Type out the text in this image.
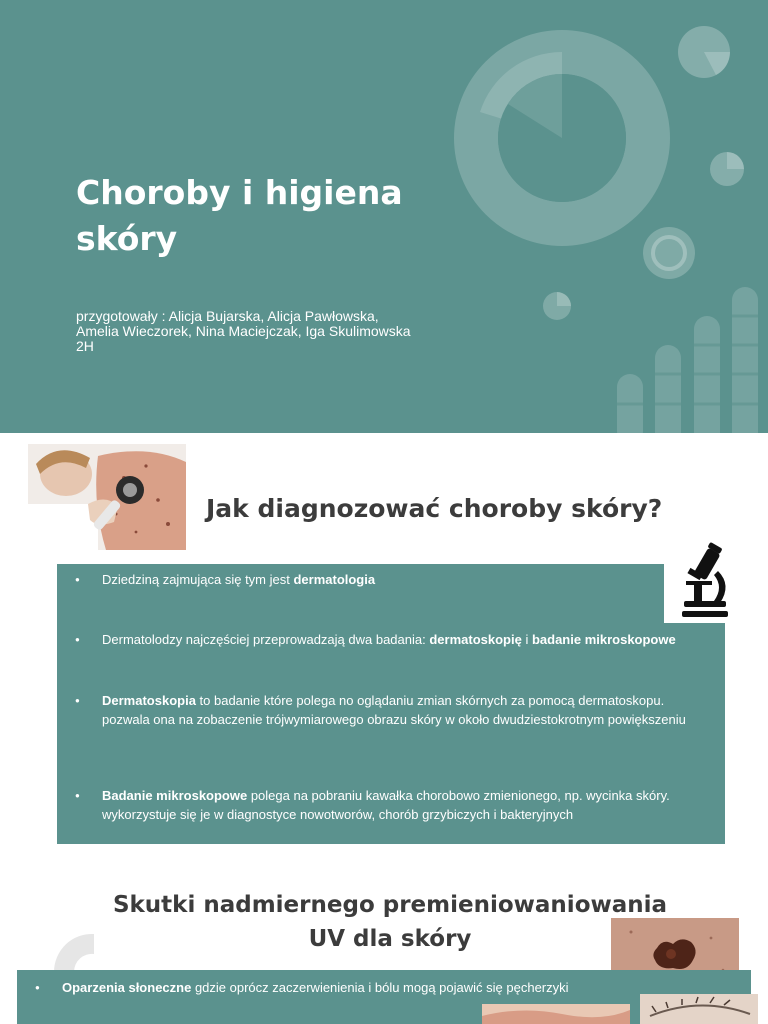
Choroby i higiena skóry

przygotowały : Alicja Bujarska, Alicja Pawłowska, Amelia Wieczorek, Nina Maciejczak, Iga Skulimowska 2H

Jak diagnozować choroby skóry?
● Dziedziną zajmująca się tym jest dermatologia
● Dermatolodzy najczęściej przeprowadzają dwa badania: dermatoskopię i badanie mikroskopowe
● Dermatoskopia to badanie które polega no oglądaniu zmian skórnych za pomocą dermatoskopu. pozwala ona na zobaczenie trójwymiarowego obrazu skóry w około dwudziestokrotnym powiększeniu
● Badanie mikroskopowe polega na pobraniu kawałka chorobowo zmienionego, np. wycinka skóry. wykorzystuje się je w diagnostyce nowotworów, chorób grzybiczych i bakteryjnych
Skutki nadmiernego premieniowaniowania UV dla skóry
● Oparzenia słoneczne gdzie oprócz zaczerwienienia i bólu mogą pojawić się pęcherzyki
